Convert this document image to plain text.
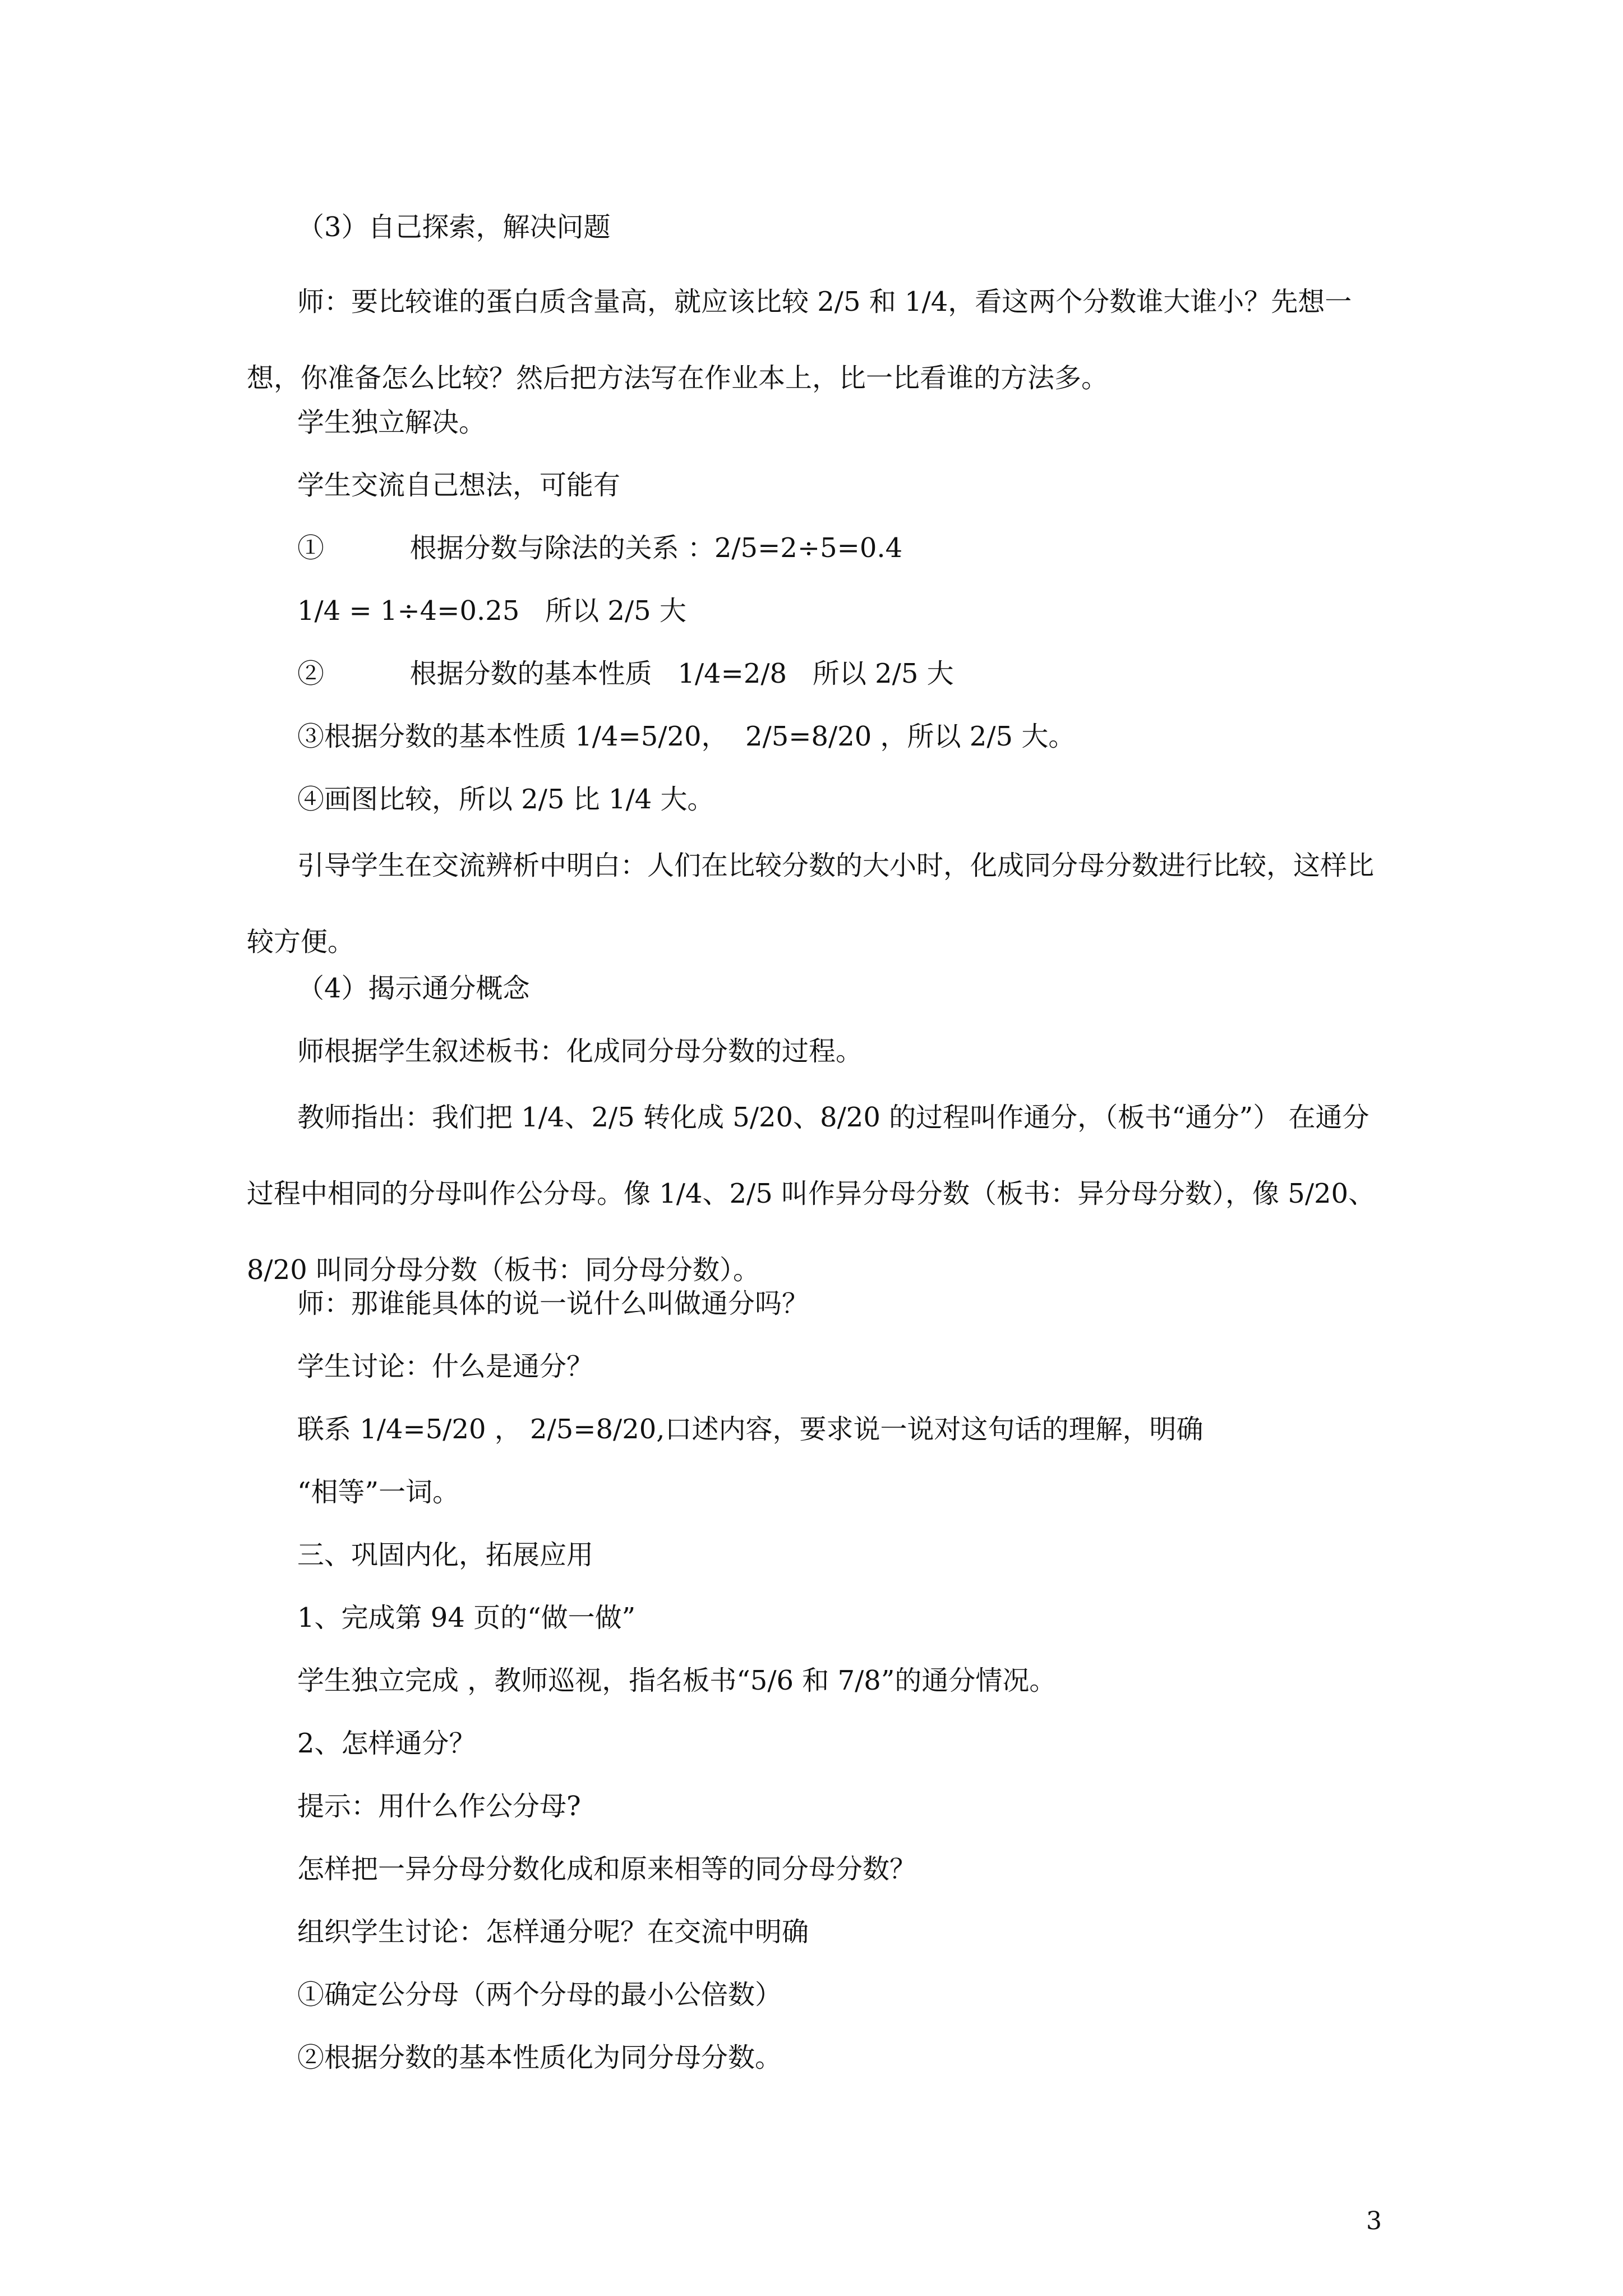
（3）自己探索，解决问题
师：要比较谁的蛋白质含量高，就应该比较 2/5 和 1/4，看这两个分数谁大谁小？先想一想，你准备怎么比较？然后把方法写在作业本上，比一比看谁的方法多。
学生独立解决。
学生交流自己想法，可能有
①          根据分数与除法的关系 ：2/5=2÷5=0.4
1/4 = 1÷4=0.25   所以 2/5 大
②          根据分数的基本性质   1/4=2/8   所以 2/5 大
③根据分数的基本性质 1/4=5/20，  2/5=8/20 ，所以 2/5 大。
④画图比较，所以 2/5 比 1/4 大。
引导学生在交流辨析中明白：人们在比较分数的大小时，化成同分母分数进行比较，这样比较方便。
（4）揭示通分概念
师根据学生叙述板书：化成同分母分数的过程。
教师指出：我们把 1/4、2/5 转化成 5/20、8/20 的过程叫作通分，（板书“通分”） 在通分过程中相同的分母叫作公分母。像 1/4、2/5 叫作异分母分数（板书：异分母分数），像 5/20、8/20 叫同分母分数（板书：同分母分数）。
师：那谁能具体的说一说什么叫做通分吗？
学生讨论：什么是通分？
联系 1/4=5/20 ， 2/5=8/20,口述内容，要求说一说对这句话的理解，明确
“相等”一词。
三、巩固内化，拓展应用
1、完成第 94 页的“做一做”
学生独立完成 ，教师巡视，指名板书“5/6 和 7/8”的通分情况。
2、怎样通分？
提示：用什么作公分母?
怎样把一异分母分数化成和原来相等的同分母分数？
组织学生讨论：怎样通分呢？在交流中明确
①确定公分母（两个分母的最小公倍数）
②根据分数的基本性质化为同分母分数。
3
